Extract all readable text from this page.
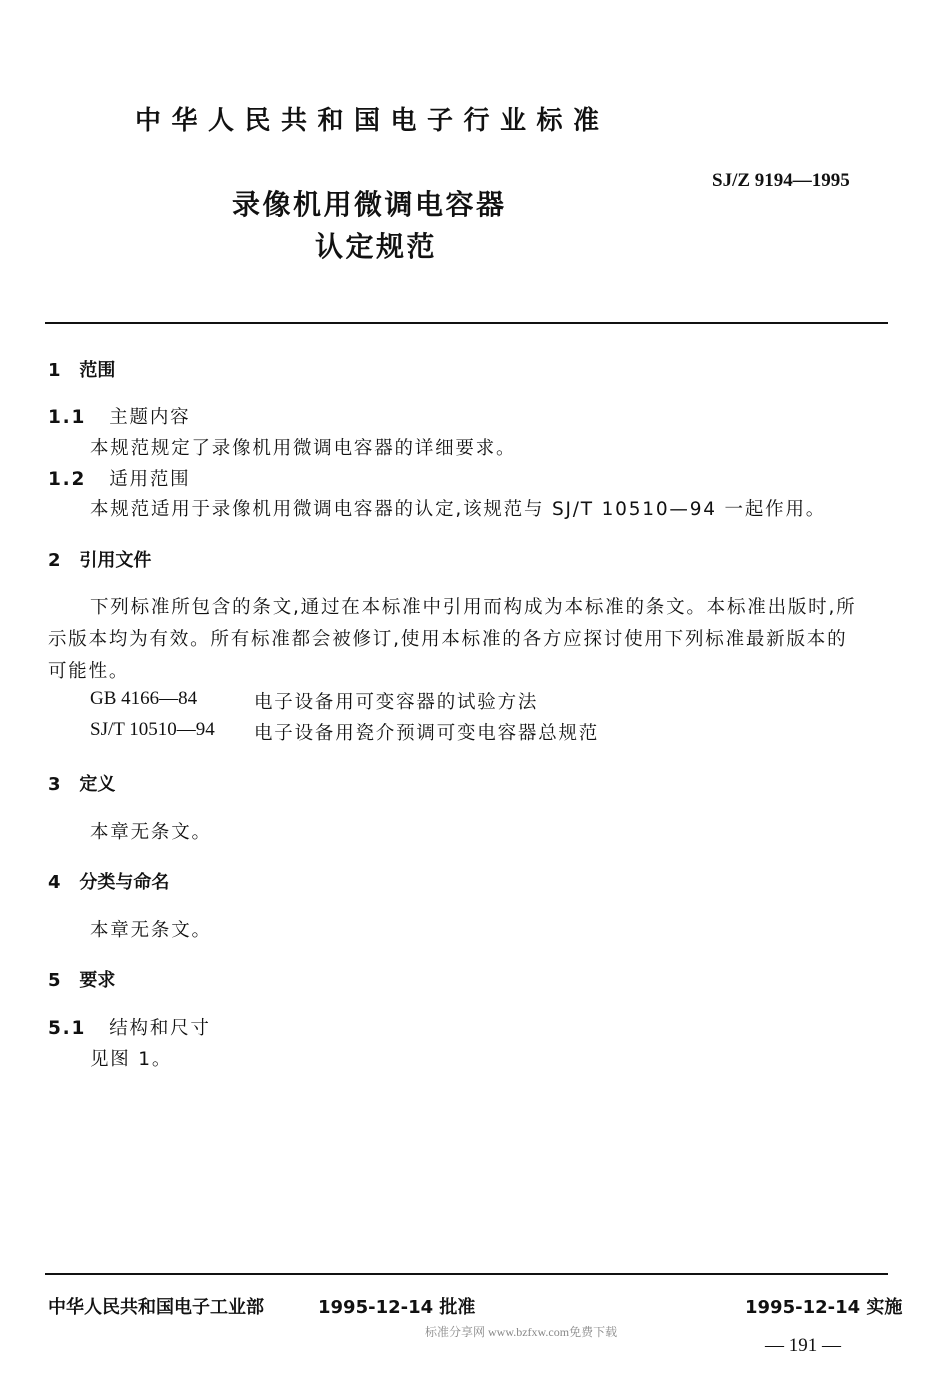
中华人民共和国电子行业标准
SJ/Z 9194—1995
录像机用微调电容器
认定规范
1 范围
1.1 主题内容
本规范规定了录像机用微调电容器的详细要求。
1.2 适用范围
本规范适用于录像机用微调电容器的认定,该规范与 SJ/T 10510—94 一起作用。
2 引用文件
下列标准所包含的条文,通过在本标准中引用而构成为本标准的条文。本标准出版时,所
示版本均为有效。所有标准都会被修订,使用本标准的各方应探讨使用下列标准最新版本的
可能性。
GB 4166—84	电子设备用可变容器的试验方法
SJ/T 10510—94 电子设备用瓷介预调可变电容器总规范
3 定义
本章无条文。
4 分类与命名
本章无条文。
5 要求
5.1 结构和尺寸
见图 1。
中华人民共和国电子工业部	1995-12-14 批准	1995-12-14 实施
标准分享网 www.bzfxw.com免费下载
— 191 —
